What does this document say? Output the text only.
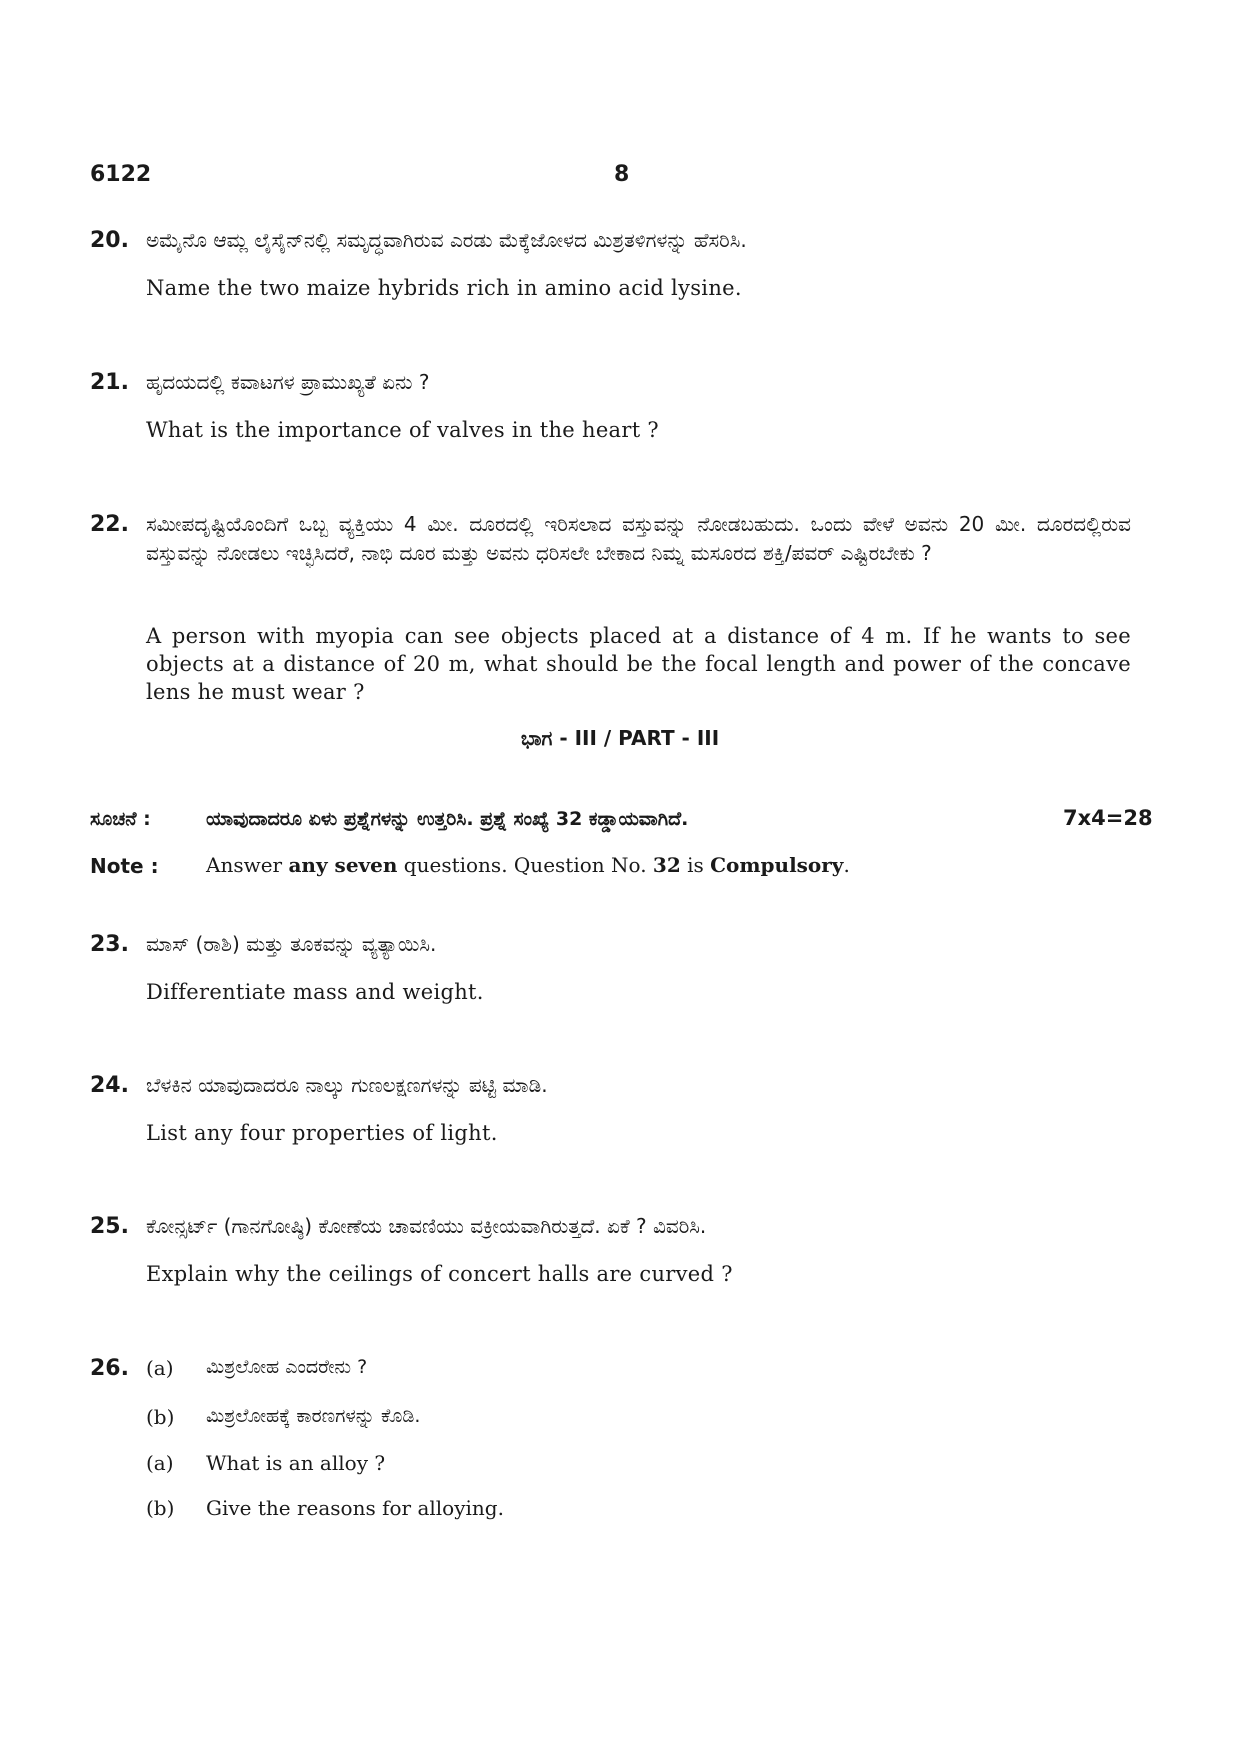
6122	8
20. ಅಮೈನೊ ಆಮ್ಲ ಲೈಸೈನ್‌ನಲ್ಲಿ ಸಮೃದ್ಧವಾಗಿರುವ ಎರಡು ಮೆಕ್ಕೆಜೋಳದ ಮಿಶ್ರತಳಿಗಳನ್ನು ಹೆಸರಿಸಿ.
Name the two maize hybrids rich in amino acid lysine.
21. ಹೃದಯದಲ್ಲಿ ಕವಾಟಗಳ ಪ್ರಾಮುಖ್ಯತೆ ಏನು ?
What is the importance of valves in the heart ?
22. ಸಮೀಪದೃಷ್ಟಿಯೊಂದಿಗೆ ಒಬ್ಬ ವ್ಯಕ್ತಿಯು 4 ಮೀ. ದೂರದಲ್ಲಿ ಇರಿಸಲಾದ ವಸ್ತುವನ್ನು ನೋಡಬಹುದು. ಒಂದು ವೇಳೆ ಅವನು 20 ಮೀ. ದೂರದಲ್ಲಿರುವ ವಸ್ತುವನ್ನು ನೋಡಲು ಇಚ್ಛಿಸಿದರೆ, ನಾಭಿ ದೂರ ಮತ್ತು ಅವನು ಧರಿಸಲೇ ಬೇಕಾದ ನಿಮ್ನ ಮಸೂರದ ಶಕ್ತಿ/ಪವರ್ ಎಷ್ಟಿರಬೇಕು ?
A person with myopia can see objects placed at a distance of 4 m. If he wants to see objects at a distance of 20 m, what should be the focal length and power of the concave lens he must wear ?
ಭಾಗ - III / PART - III
ಸೂಚನೆ :	ಯಾವುದಾದರೂ ಏಳು ಪ್ರಶ್ನೆಗಳನ್ನು ಉತ್ತರಿಸಿ. ಪ್ರಶ್ನೆ ಸಂಖ್ಯೆ 32 ಕಡ್ಡಾಯವಾಗಿದೆ.	7x4=28
Note : Answer any seven questions. Question No. 32 is Compulsory.
23. ಮಾಸ್ (ರಾಶಿ) ಮತ್ತು ತೂಕವನ್ನು ವ್ಯತ್ಯಾಯಿಸಿ.
Differentiate mass and weight.
24. ಬೆಳಕಿನ ಯಾವುದಾದರೂ ನಾಲ್ಕು ಗುಣಲಕ್ಷಣಗಳನ್ನು ಪಟ್ಟಿ ಮಾಡಿ.
List any four properties of light.
25. ಕೋನ್ಸರ್ಟ್ (ಗಾನಗೋಷ್ಠಿ) ಕೋಣೆಯ ಚಾವಣಿಯು ವಕ್ರೀಯವಾಗಿರುತ್ತದೆ. ಏಕೆ ? ವಿವರಿಸಿ.
Explain why the ceilings of concert halls are curved ?
26. (a) ಮಿಶ್ರಲೋಹ ಎಂದರೇನು ?
(b) ಮಿಶ್ರಲೋಹಕ್ಕೆ ಕಾರಣಗಳನ್ನು ಕೊಡಿ.
(a) What is an alloy ?
(b) Give the reasons for alloying.
